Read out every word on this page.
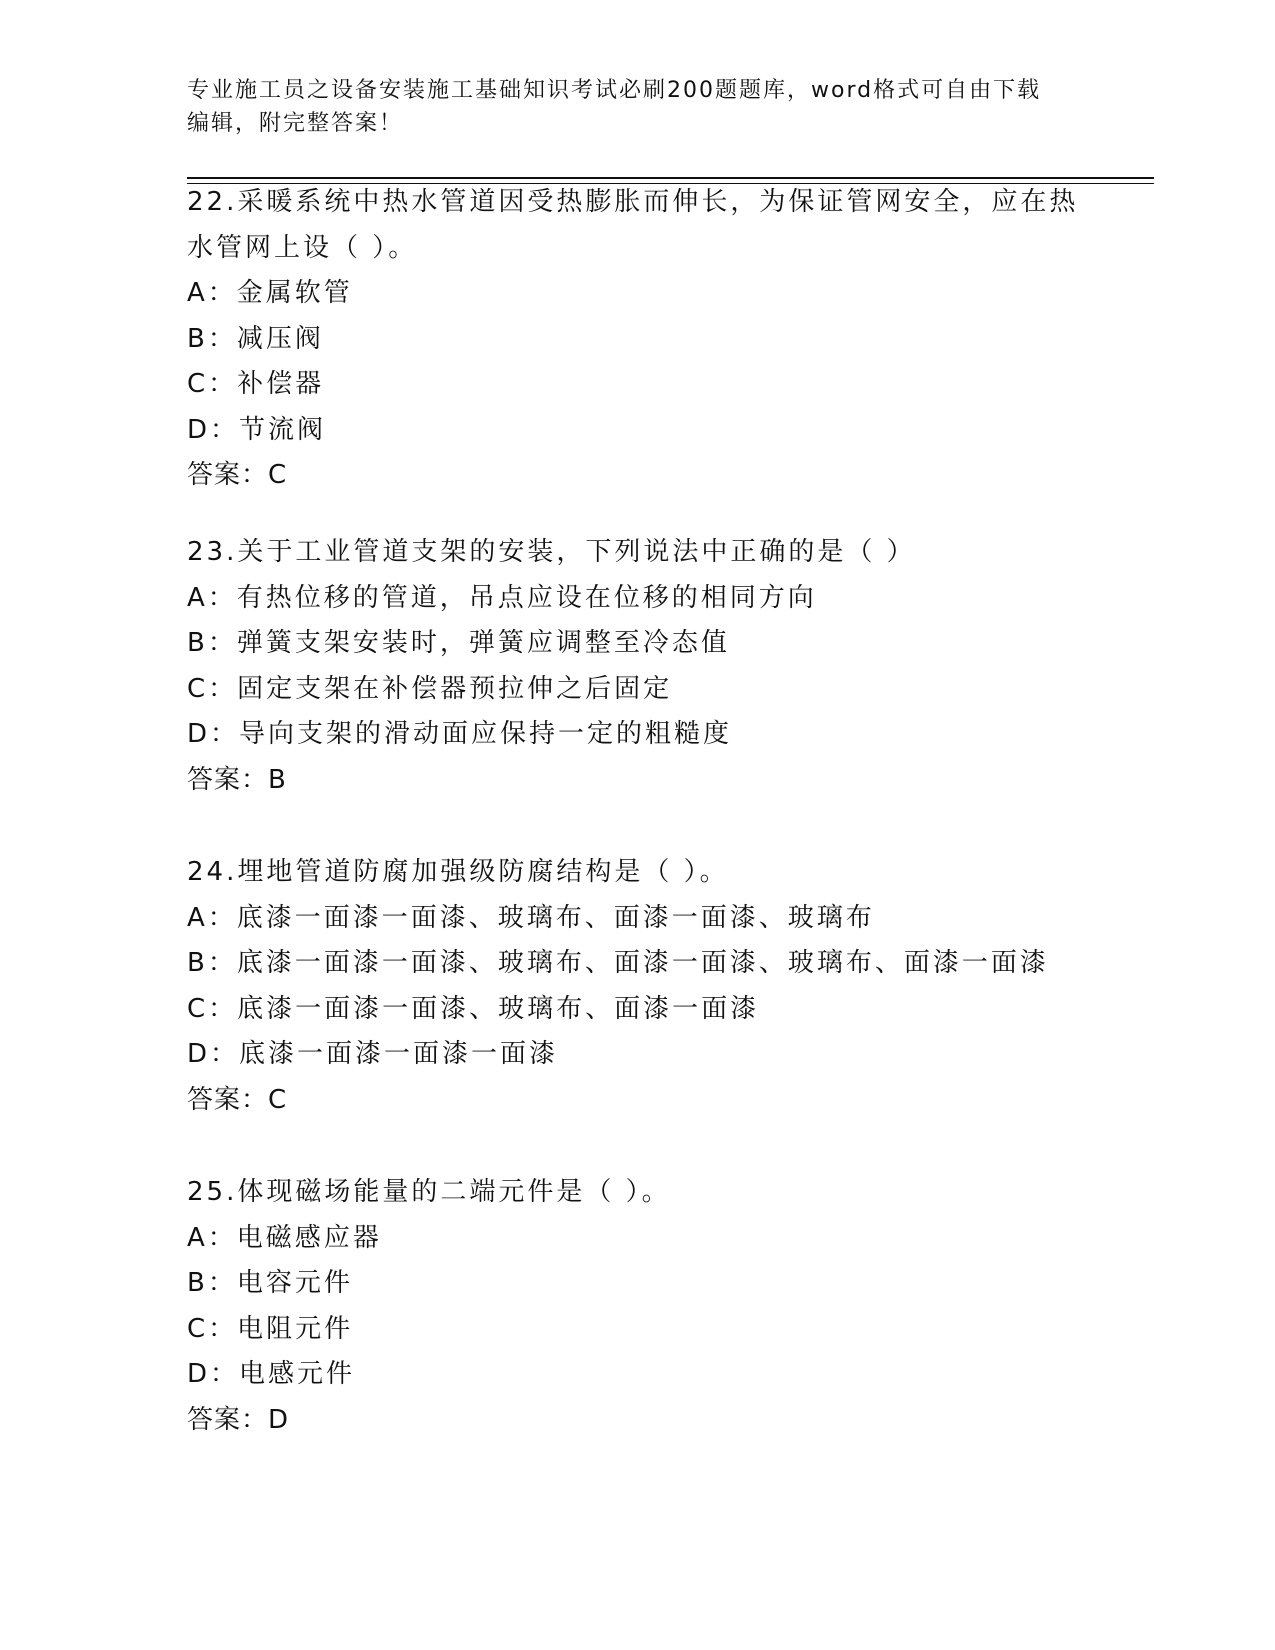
专业施工员之设备安装施工基础知识考试必刷200题题库，word格式可自由下载
编辑，附完整答案！
22.采暖系统中热水管道因受热膨胀而伸长，为保证管网安全，应在热
水管网上设（ ）。
A：金属软管
B：减压阀
C：补偿器
D：节流阀
答案：C
23.关于工业管道支架的安装，下列说法中正确的是（ ）
A：有热位移的管道，吊点应设在位移的相同方向
B：弹簧支架安装时，弹簧应调整至冷态值
C：固定支架在补偿器预拉伸之后固定
D：导向支架的滑动面应保持一定的粗糙度
答案：B
24.埋地管道防腐加强级防腐结构是（ ）。
A：底漆一面漆一面漆、玻璃布、面漆一面漆、玻璃布
B：底漆一面漆一面漆、玻璃布、面漆一面漆、玻璃布、面漆一面漆
C：底漆一面漆一面漆、玻璃布、面漆一面漆
D：底漆一面漆一面漆一面漆
答案：C
25.体现磁场能量的二端元件是（ ）。
A：电磁感应器
B：电容元件
C：电阻元件
D：电感元件
答案：D
